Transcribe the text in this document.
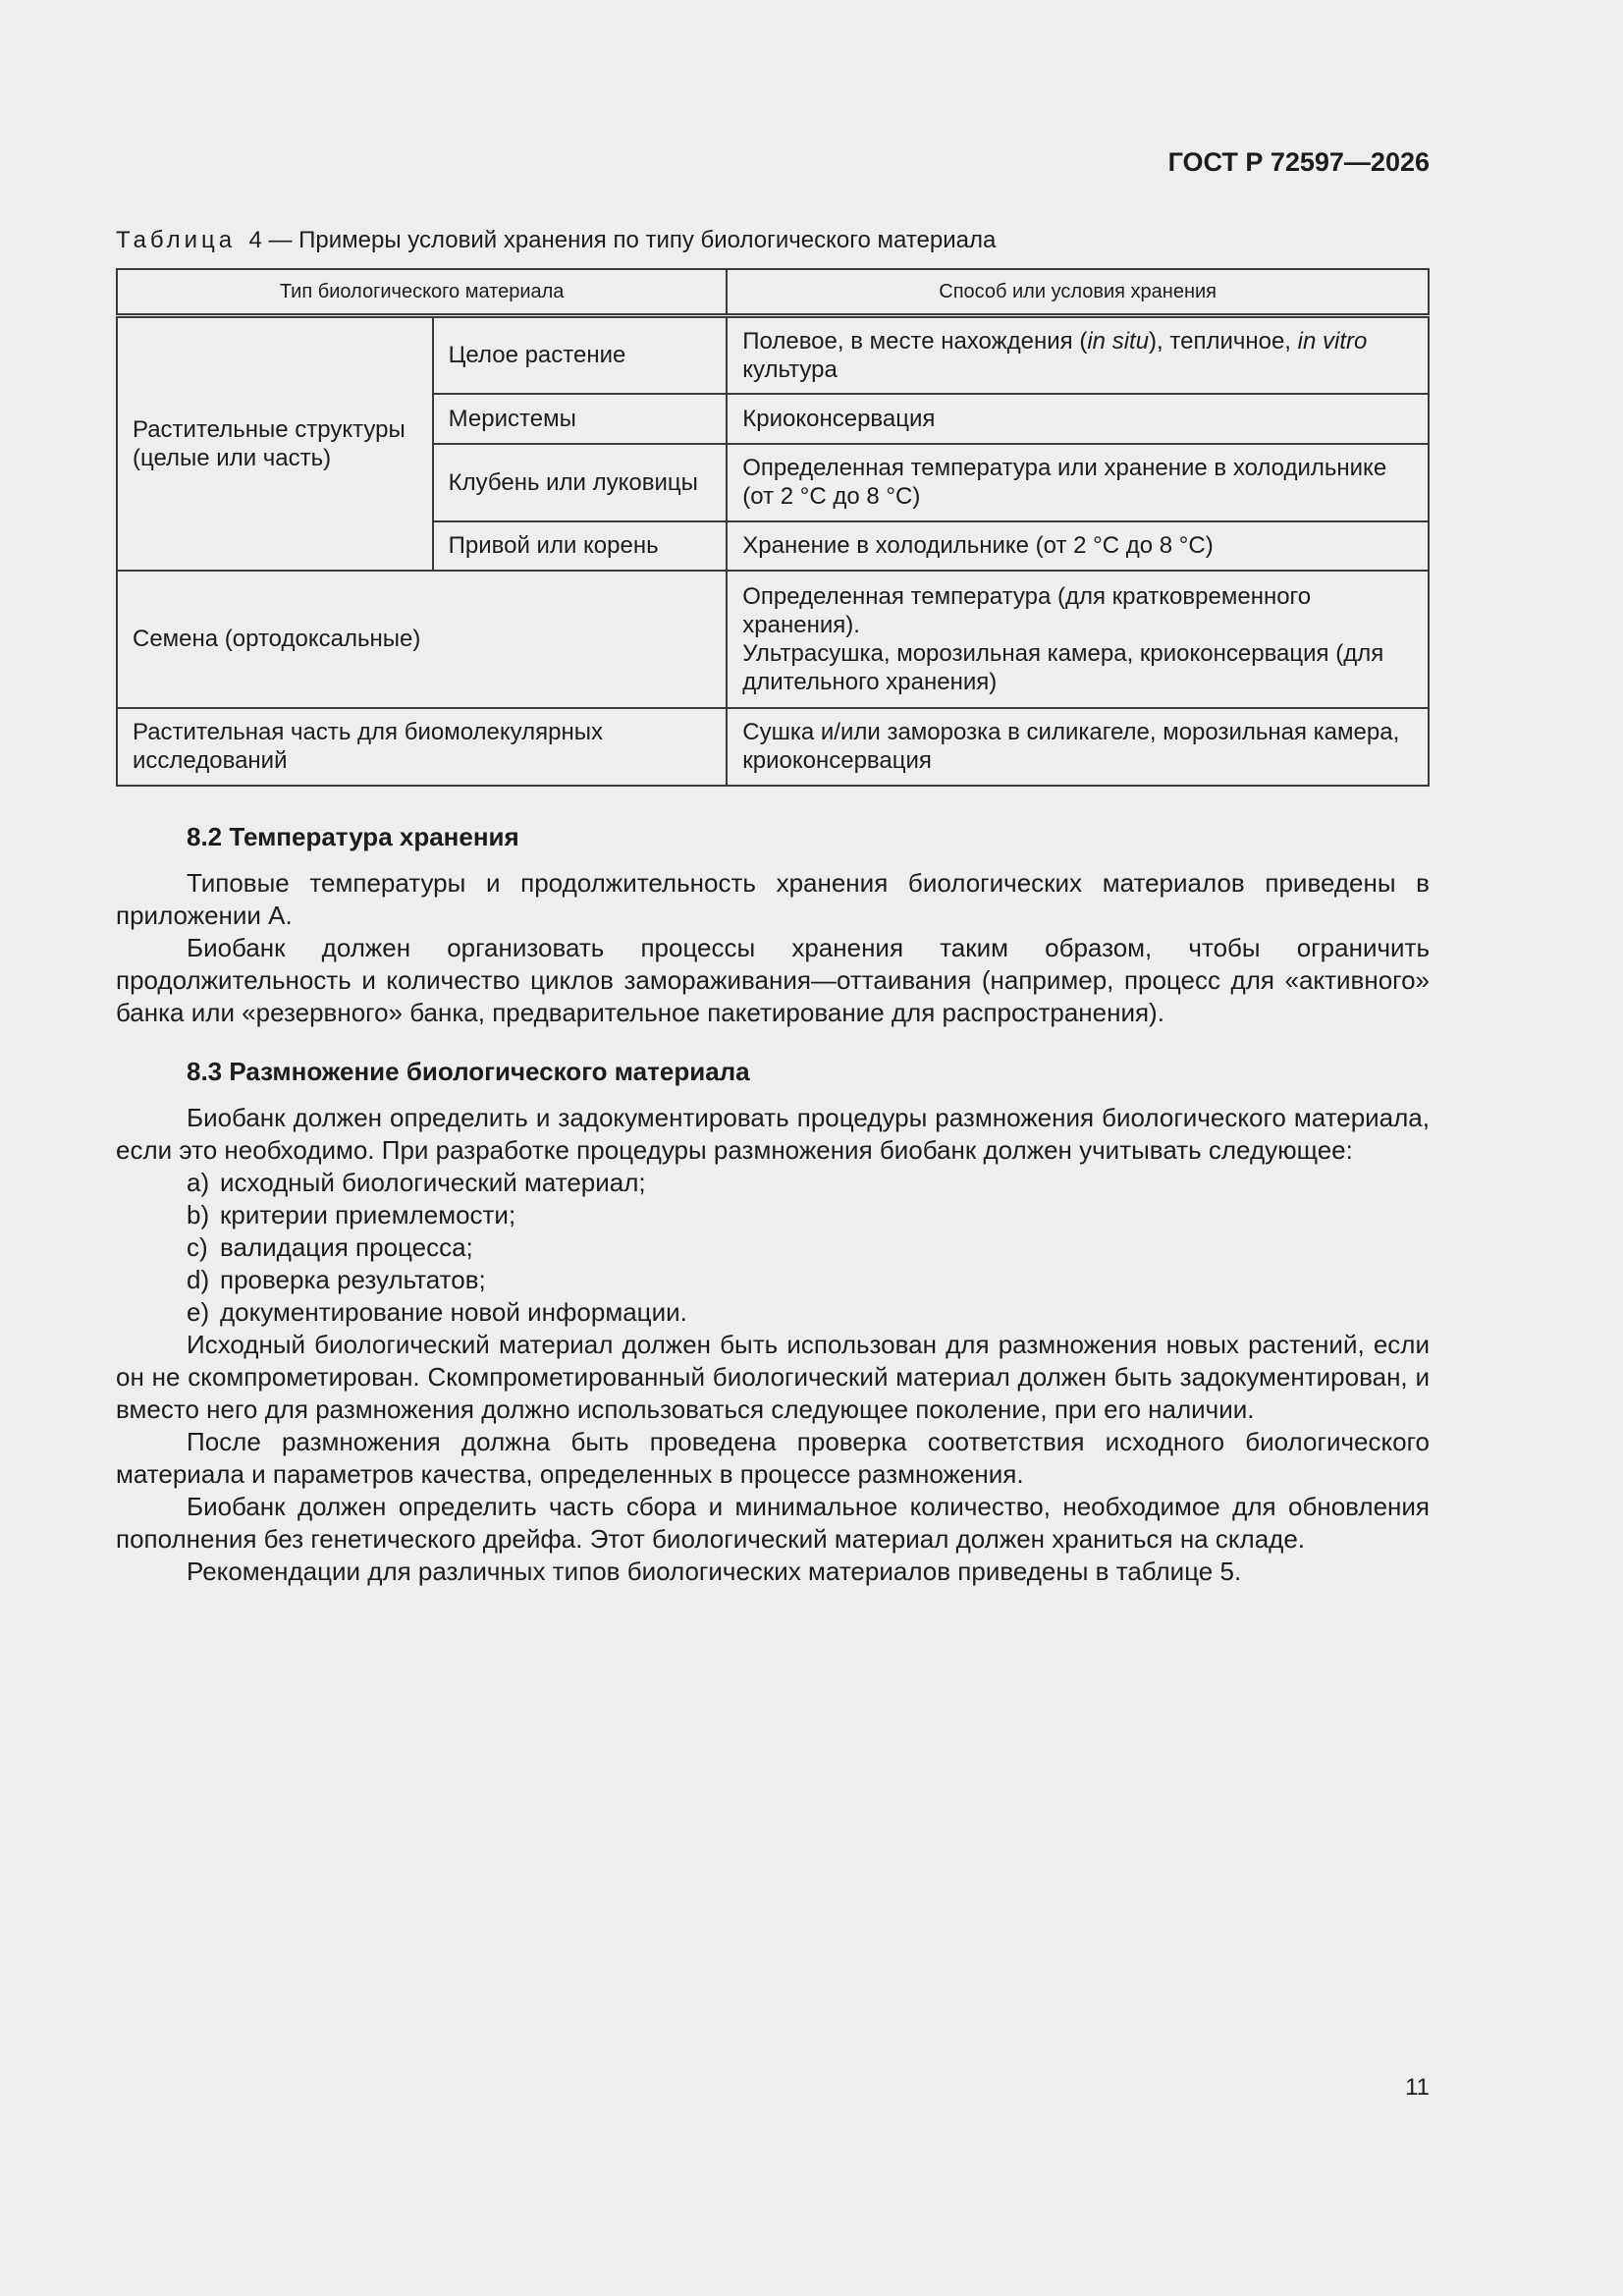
ГОСТ Р 72597—2026
Таблица 4 — Примеры условий хранения по типу биологического материала
Тип биологического материала		Способ или условия хранения
Растительные структуры (целые или часть)	Целое растение	Полевое, в месте нахождения (in situ), тепличное, in vitro культура
	Меристемы	Криоконсервация
	Клубень или луковицы	Определенная температура или хранение в холодильнике (от 2 °С до 8 °С)
	Привой или корень	Хранение в холодильнике (от 2 °С до 8 °С)
Семена (ортодоксальные)		Определенная температура (для кратковременного хранения).
Ультрасушка, морозильная камера, криоконсервация (для длительного хранения)

Растительная часть для биомолекулярных исследований		Сушка и/или заморозка в силикагеле, морозильная камера, криоконсервация

8.2 Температура хранения

Типовые температуры и продолжительность хранения биологических материалов приведены в приложении А.

Биобанк должен организовать процессы хранения таким образом, чтобы ограничить продолжительность и количество циклов замораживания—оттаивания (например, процесс для «активного» банка или «резервного» банка, предварительное пакетирование для распространения).

8.3 Размножение биологического материала

Биобанк должен определить и задокументировать процедуры размножения биологического материала, если это необходимо. При разработке процедуры размножения биобанк должен учитывать следующее:

a) исходный биологический материал;

b) критерии приемлемости;

c) валидация процесса;

d) проверка результатов;

e) документирование новой информации.

Исходный биологический материал должен быть использован для размножения новых растений, если он не скомпрометирован. Скомпрометированный биологический материал должен быть задокументирован, и вместо него для размножения должно использоваться следующее поколение, при его наличии.

После размножения должна быть проведена проверка соответствия исходного биологического материала и параметров качества, определенных в процессе размножения.

Биобанк должен определить часть сбора и минимальное количество, необходимое для обновления пополнения без генетического дрейфа. Этот биологический материал должен храниться на складе.

Рекомендации для различных типов биологических материалов приведены в таблице 5.

11
